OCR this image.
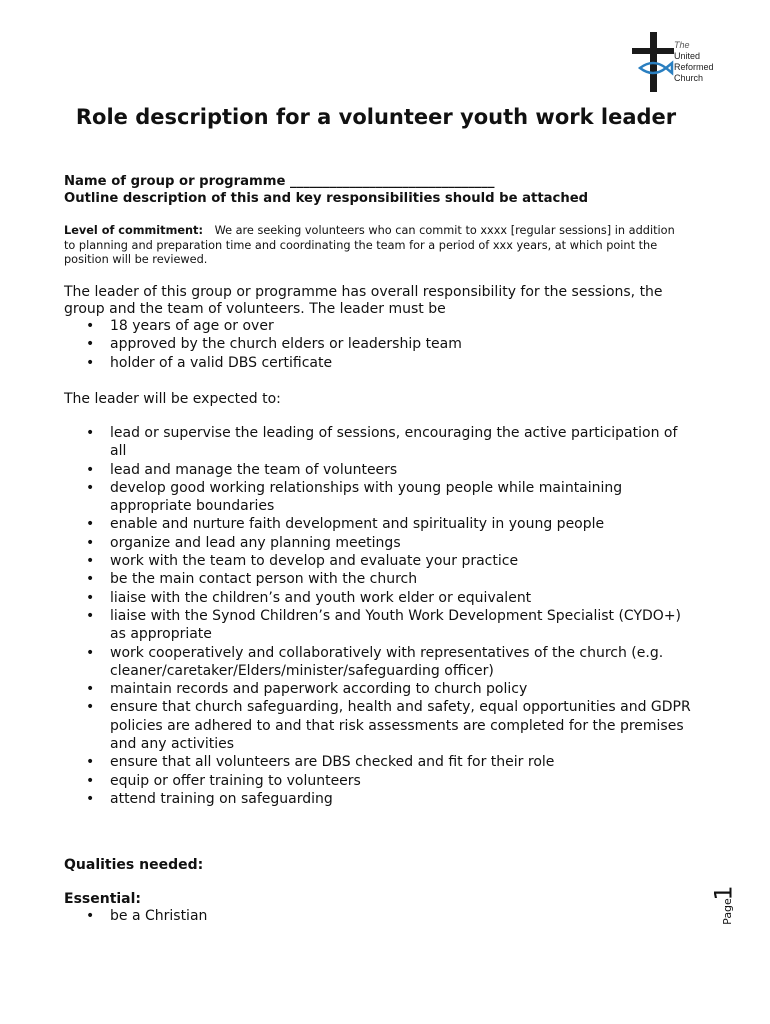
The
United
Reformed
Church
Role description for a volunteer youth work leader
Name of group or programme _______________________________
Outline description of this and key responsibilities should be attached
Level of commitment: We are seeking volunteers who can commit to xxxx [regular sessions] in addition to planning and preparation time and coordinating the team for a period of xxx years, at which point the position will be reviewed.
The leader of this group or programme has overall responsibility for the sessions, the group and the team of volunteers. The leader must be
• 18 years of age or over
• approved by the church elders or leadership team
• holder of a valid DBS certificate
The leader will be expected to:
• lead or supervise the leading of sessions, encouraging the active participation of all
• lead and manage the team of volunteers
• develop good working relationships with young people while maintaining appropriate boundaries
• enable and nurture faith development and spirituality in young people
• organize and lead any planning meetings
• work with the team to develop and evaluate your practice
• be the main contact person with the church
• liaise with the children’s and youth work elder or equivalent
• liaise with the Synod Children’s and Youth Work Development Specialist (CYDO+) as appropriate
• work cooperatively and collaboratively with representatives of the church (e.g. cleaner/caretaker/Elders/minister/safeguarding officer)
• maintain records and paperwork according to church policy
• ensure that church safeguarding, health and safety, equal opportunities and GDPR policies are adhered to and that risk assessments are completed for the premises and any activities
• ensure that all volunteers are DBS checked and fit for their role
• equip or offer training to volunteers
• attend training on safeguarding
Qualities needed:
Essential:
• be a Christian
1
Page
